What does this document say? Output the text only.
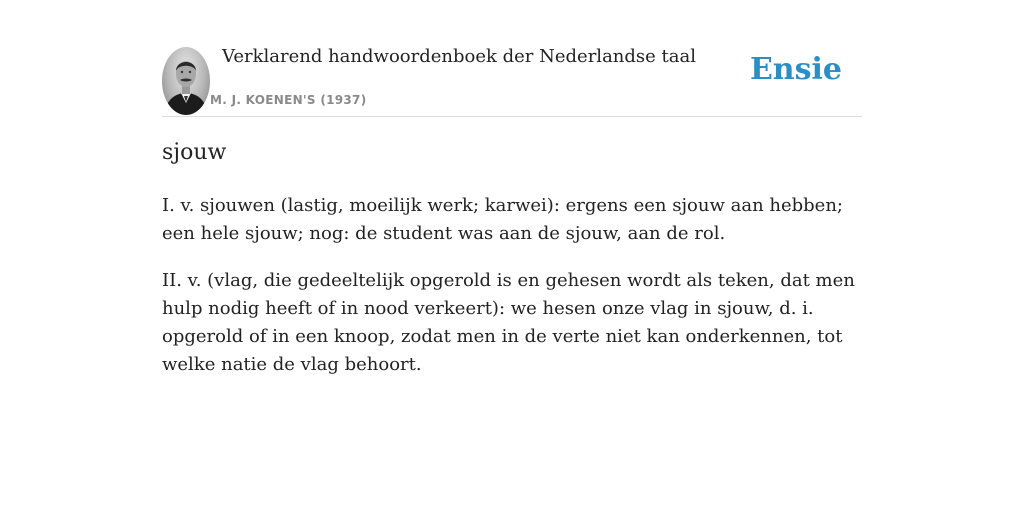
Verklarend handwoordenboek der Nederlandse taal
M. J. KOENEN'S (1937)
Ensie
sjouw

I. v. sjouwen (lastig, moeilijk werk; karwei): ergens een sjouw aan hebben; een hele sjouw; nog: de student was aan de sjouw, aan de rol.

II. v. (vlag, die gedeeltelijk opgerold is en gehesen wordt als teken, dat men hulp nodig heeft of in nood verkeert): we hesen onze vlag in sjouw, d. i. opgerold of in een knoop, zodat men in de verte niet kan onderkennen, tot welke natie de vlag behoort.
